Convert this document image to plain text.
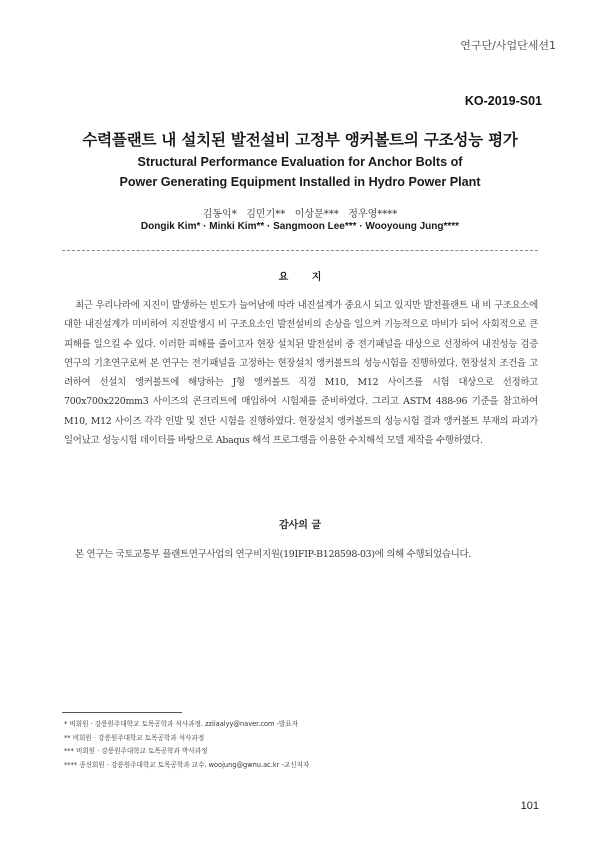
연구단/사업단세션1
KO-2019-S01
수력플랜트 내 설치된 발전설비 고정부 앵커볼트의 구조성능 평가
Structural Performance Evaluation for Anchor Bolts of
Power Generating Equipment Installed in Hydro Power Plant
김동익*   김민기**   이상문***   정우영****
Dongik Kim* · Minki Kim** · Sangmoon Lee*** · Wooyoung Jung****
요 지
최근 우리나라에 지진이 발생하는 빈도가 늘어남에 따라 내진설계가 중요시 되고 있지만 발전플랜트 내 비 구조요소에 대한 내진설계가 미비하여 지진발생시 비 구조요소인 발전설비의 손상을 일으켜 기능적으로 마비가 되어 사회적으로 큰 피해를 일으킬 수 있다. 이러한 피해를 줄이고자 현장 설치된 발전설비 중 전기패널을 대상으로 선정하여 내진성능 검증 연구의 기초연구로써 본 연구는 전기패널을 고정하는 현장설치 앵커볼트의 성능시험을 진행하였다. 현장설치 조건을 고려하여 선설치 앵커볼트에 해당하는 J형 앵커볼트 직경 M10, M12 사이즈를 시험 대상으로 선정하고 700x700x220mm3 사이즈의 콘크리트에 매입하여 시험체를 준비하였다. 그리고 ASTM 488-96 기준을 참고하여 M10, M12 사이즈 각각 인발 및 전단 시험을 진행하였다. 현장설치 앵커볼트의 성능시험 결과 앵커볼트 부재의 파괴가 일어났고 성능시험 데이터를 바탕으로 Abaqus 해석 프로그램을 이용한 수치해석 모델 제작을 수행하였다.
감사의 글
본 연구는 국토교통부 플랜트연구사업의 연구비지원(19IFIP-B128598-03)에 의해 수행되었습니다.
* 비회원 · 강릉원주대학교 토목공학과 석사과정. zziiaalyy@naver.com -발표자
** 비회원 · 강릉원주대학교 토목공학과 석사과정
*** 비회원 · 강릉원주대학교 토목공학과 박사과정
**** 종신회원 · 강릉원주대학교 토목공학과 교수. woojung@gwnu.ac.kr -교신저자
101
